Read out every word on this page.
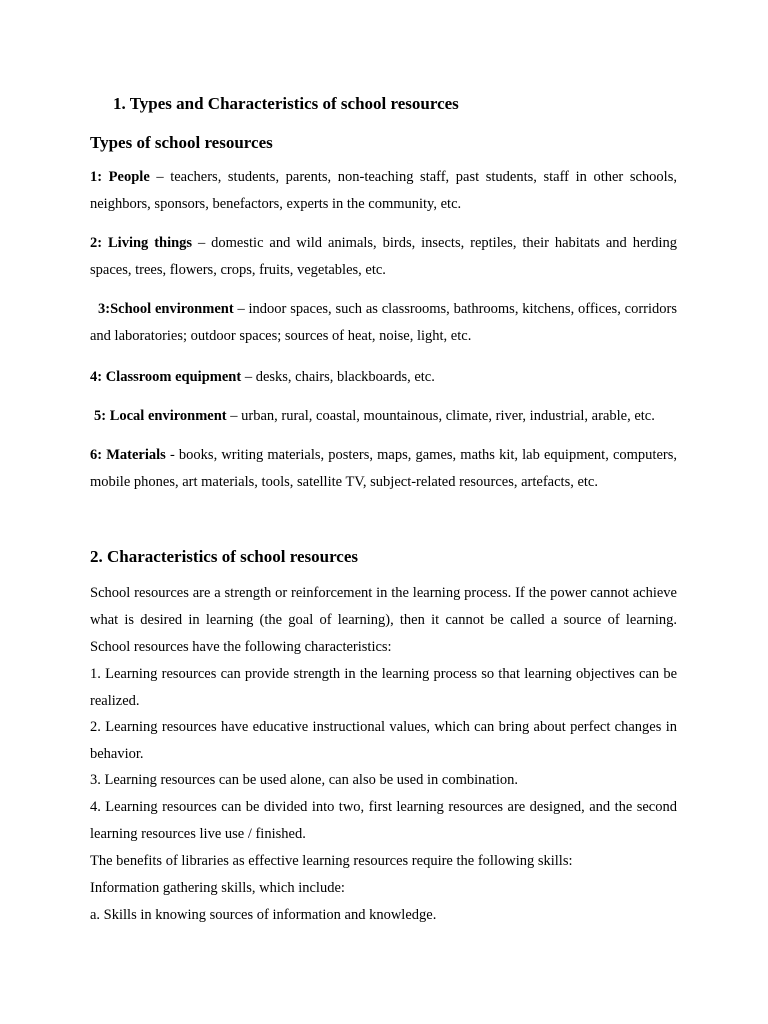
1. Types and Characteristics of school resources
Types of school resources

1: People – teachers, students, parents, non-teaching staff, past students, staff in other schools, neighbors, sponsors, benefactors, experts in the community, etc.

2: Living things – domestic and wild animals, birds, insects, reptiles, their habitats and herding spaces, trees, flowers, crops, fruits, vegetables, etc.

3:School environment – indoor spaces, such as classrooms, bathrooms, kitchens, offices, corridors and laboratories; outdoor spaces; sources of heat, noise, light, etc.

4: Classroom equipment – desks, chairs, blackboards, etc.

5: Local environment – urban, rural, coastal, mountainous, climate, river, industrial, arable, etc.

6: Materials - books, writing materials, posters, maps, games, maths kit, lab equipment, computers, mobile phones, art materials, tools, satellite TV, subject-related resources, artefacts, etc.

2. Characteristics of school resources

School resources are a strength or reinforcement in the learning process. If the power cannot achieve what is desired in learning (the goal of learning), then it cannot be called a source of learning. School resources have the following characteristics:

1. Learning resources can provide strength in the learning process so that learning objectives can be realized.

2. Learning resources have educative instructional values, which can bring about perfect changes in behavior.

3. Learning resources can be used alone, can also be used in combination.

4. Learning resources can be divided into two, first learning resources are designed, and the second learning resources live use / finished.

The benefits of libraries as effective learning resources require the following skills:

Information gathering skills, which include:

a. Skills in knowing sources of information and knowledge.
